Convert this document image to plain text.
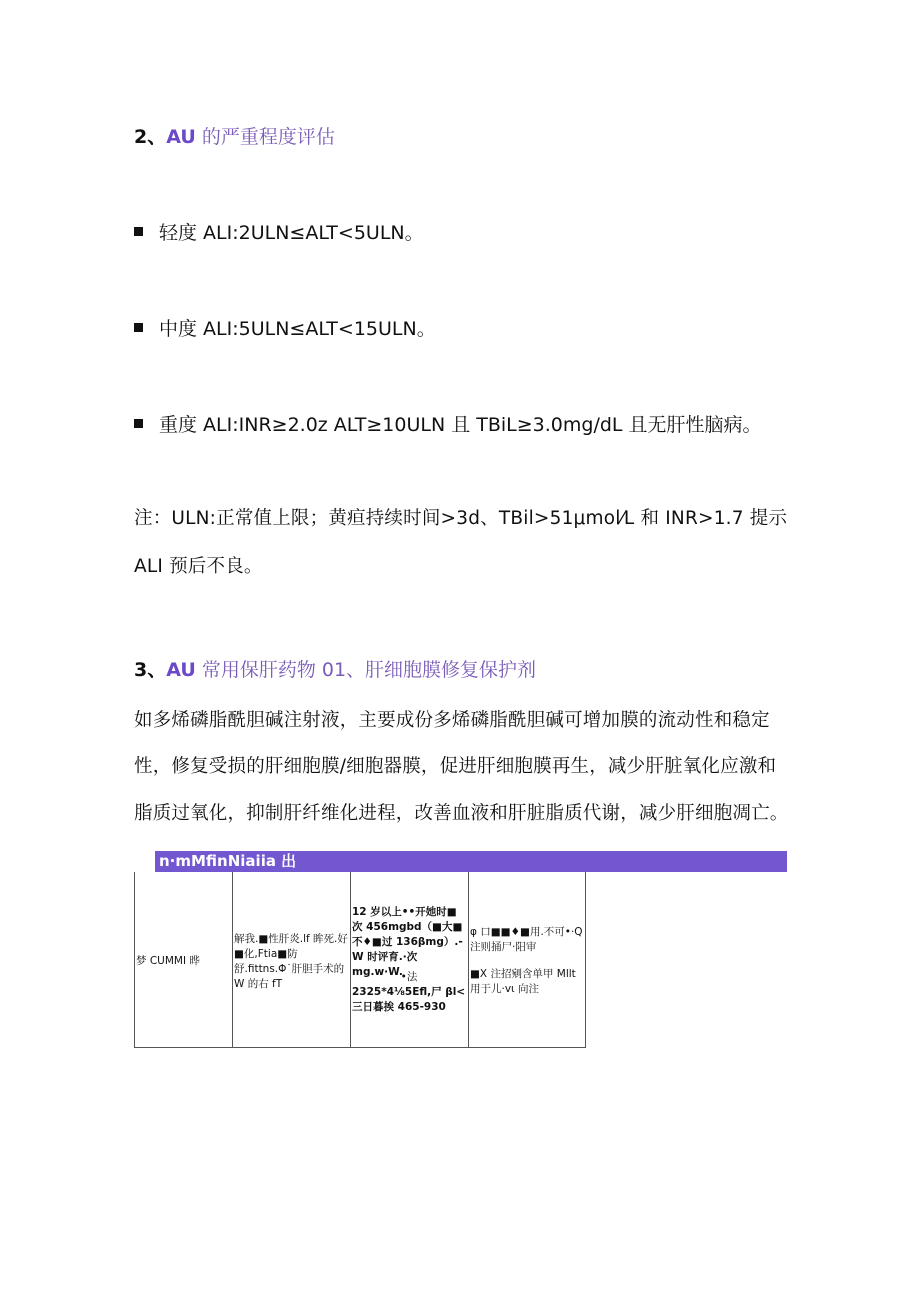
2、AU 的严重程度评估
轻度 ALI:2ULN≤ALT<5ULN。
中度 ALI:5ULN≤ALT<15ULN。
重度 ALI:INR≥2.0z ALT≥10ULN 且 TBiL≥3.0mg/dL 且无肝性脑病。
注：ULN:正常值上限；黄疸持续时间>3d、TBil>51μmol⁄L 和 INR>1.7 提示
ALI 预后不良。
3、AU 常用保肝药物 01、肝细胞膜修复保护剂
如多烯磷脂酰胆碱注射液，主要成份多烯磷脂酰胆碱可增加膜的流动性和稳定
性，修复受损的肝细胞膜/细胞器膜，促进肝细胞膜再生，减少肝脏氧化应激和
脂质过氧化，抑制肝纤维化进程，改善血液和肝脏脂质代谢，减少肝细胞凋亡。
n·mMfinNiaiia 出
梦 CUMMI 晔
解我.■性肝炎.lf 眸死.好■化,Ftia■防舒.fittns.Φ˙肝胆手术的 W 的右 fT
12 岁以上••开她时■次 456mgbd（■大■不♦■过 136βmg）.-W 时评育.·次 mg.w·W.
•法
2325*4⅛5Efl,尸 βl<三日暮挨 465-930
φ 口■■♦■用.不可•·Q注则捅尸·阳审
■X 注招剜含单甲 Mllt 用于儿·vι 向注
